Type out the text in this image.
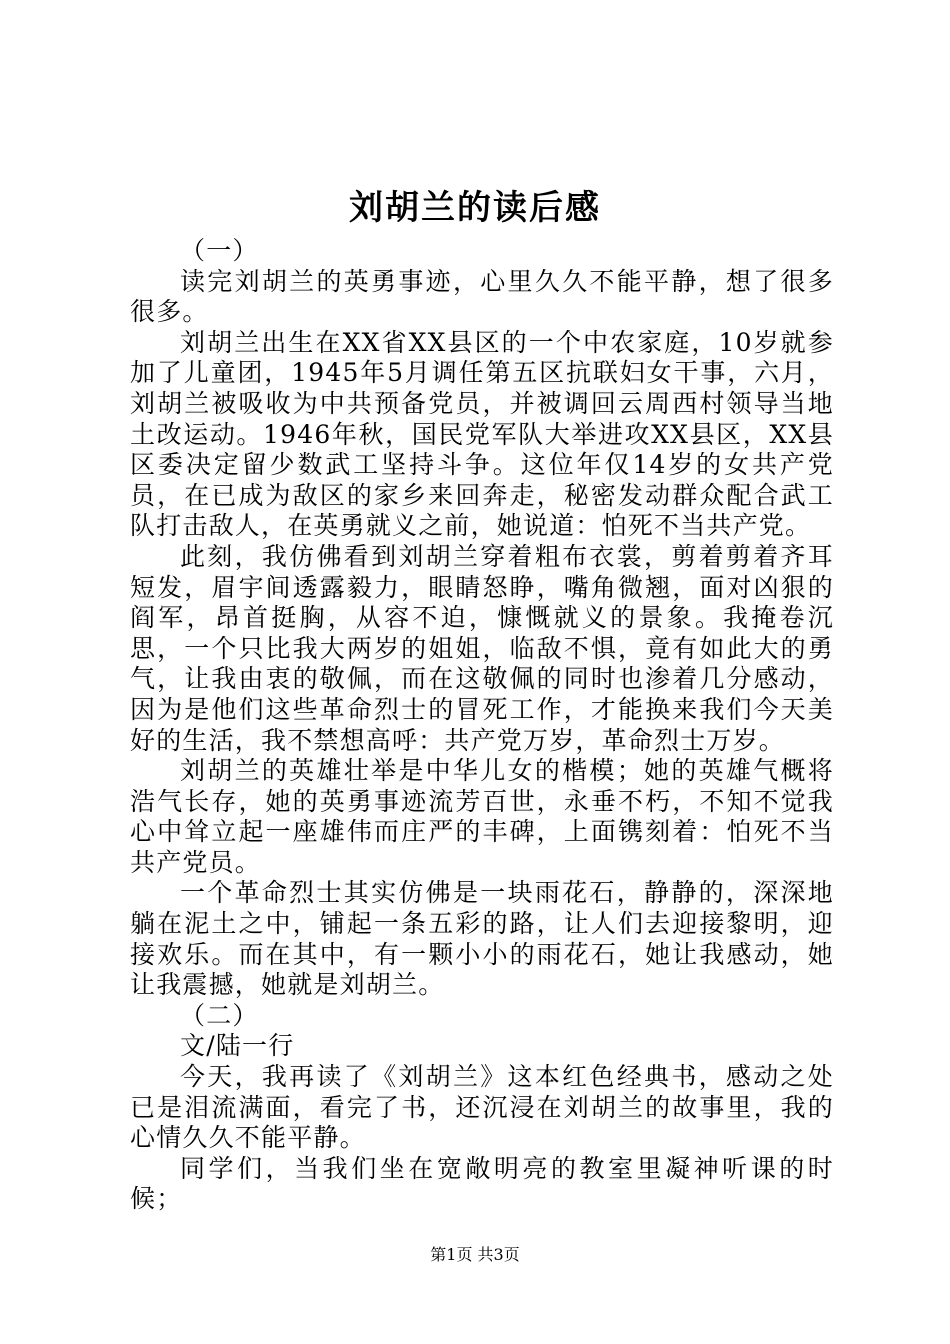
刘胡兰的读后感

（一）

读完刘胡兰的英勇事迹，心里久久不能平静，想了很多很多。

刘胡兰出生在XX省XX县区的一个中农家庭，10岁就参加了儿童团，1945年5月调任第五区抗联妇女干事，六月，刘胡兰被吸收为中共预备党员，并被调回云周西村领导当地土改运动。1946年秋，国民党军队大举进攻XX县区，XX县区委决定留少数武工坚持斗争。这位年仅14岁的女共产党员，在已成为敌区的家乡来回奔走，秘密发动群众配合武工队打击敌人，在英勇就义之前，她说道：怕死不当共产党。

此刻，我仿佛看到刘胡兰穿着粗布衣裳，剪着剪着齐耳短发，眉宇间透露毅力，眼睛怒睁，嘴角微翘，面对凶狠的阎军，昂首挺胸，从容不迫，慷慨就义的景象。我掩卷沉思，一个只比我大两岁的姐姐，临敌不惧，竟有如此大的勇气，让我由衷的敬佩，而在这敬佩的同时也渗着几分感动，因为是他们这些革命烈士的冒死工作，才能换来我们今天美好的生活，我不禁想高呼：共产党万岁，革命烈士万岁。

刘胡兰的英雄壮举是中华儿女的楷模；她的英雄气概将浩气长存，她的英勇事迹流芳百世，永垂不朽，不知不觉我心中耸立起一座雄伟而庄严的丰碑，上面镌刻着：怕死不当共产党员。

一个革命烈士其实仿佛是一块雨花石，静静的，深深地躺在泥土之中，铺起一条五彩的路，让人们去迎接黎明，迎接欢乐。而在其中，有一颗小小的雨花石，她让我感动，她让我震撼，她就是刘胡兰。

（二）

文/陆一行

今天，我再读了《刘胡兰》这本红色经典书，感动之处已是泪流满面，看完了书，还沉浸在刘胡兰的故事里，我的心情久久不能平静。

同学们，当我们坐在宽敞明亮的教室里凝神听课的时候；

第1页 共3页
